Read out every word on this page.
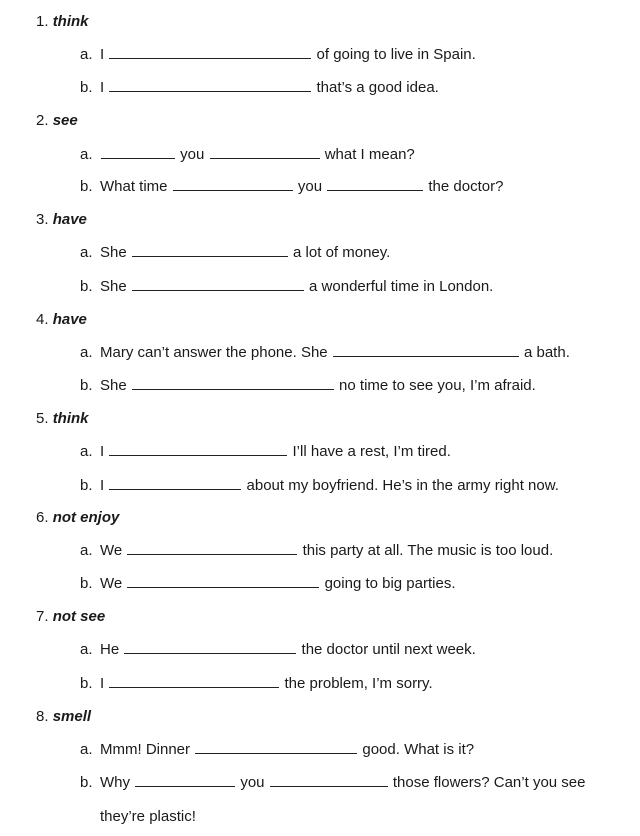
1. think
a. I	of going to live in Spain.
b. I	that’s a good idea.
2. see
a.	you	what I mean?
b. What time	you	the doctor?
3. have
a. She	a lot of money.
b. She	a wonderful time in London.
4. have
a. Mary can’t answer the phone. She	a bath.
b. She	no time to see you, I’m afraid.
5. think
a. I	I’ll have a rest, I’m tired.
b. I	about my boyfriend. He’s in the army right now.
6. not enjoy
a. We	this party at all. The music is too loud.
b. We	going to big parties.
7. not see
a. He	the doctor until next week.
b. I	the problem, I’m sorry.
8. smell
a. Mmm! Dinner	good. What is it?
b. Why	you	those flowers? Can’t you see
they’re plastic!
